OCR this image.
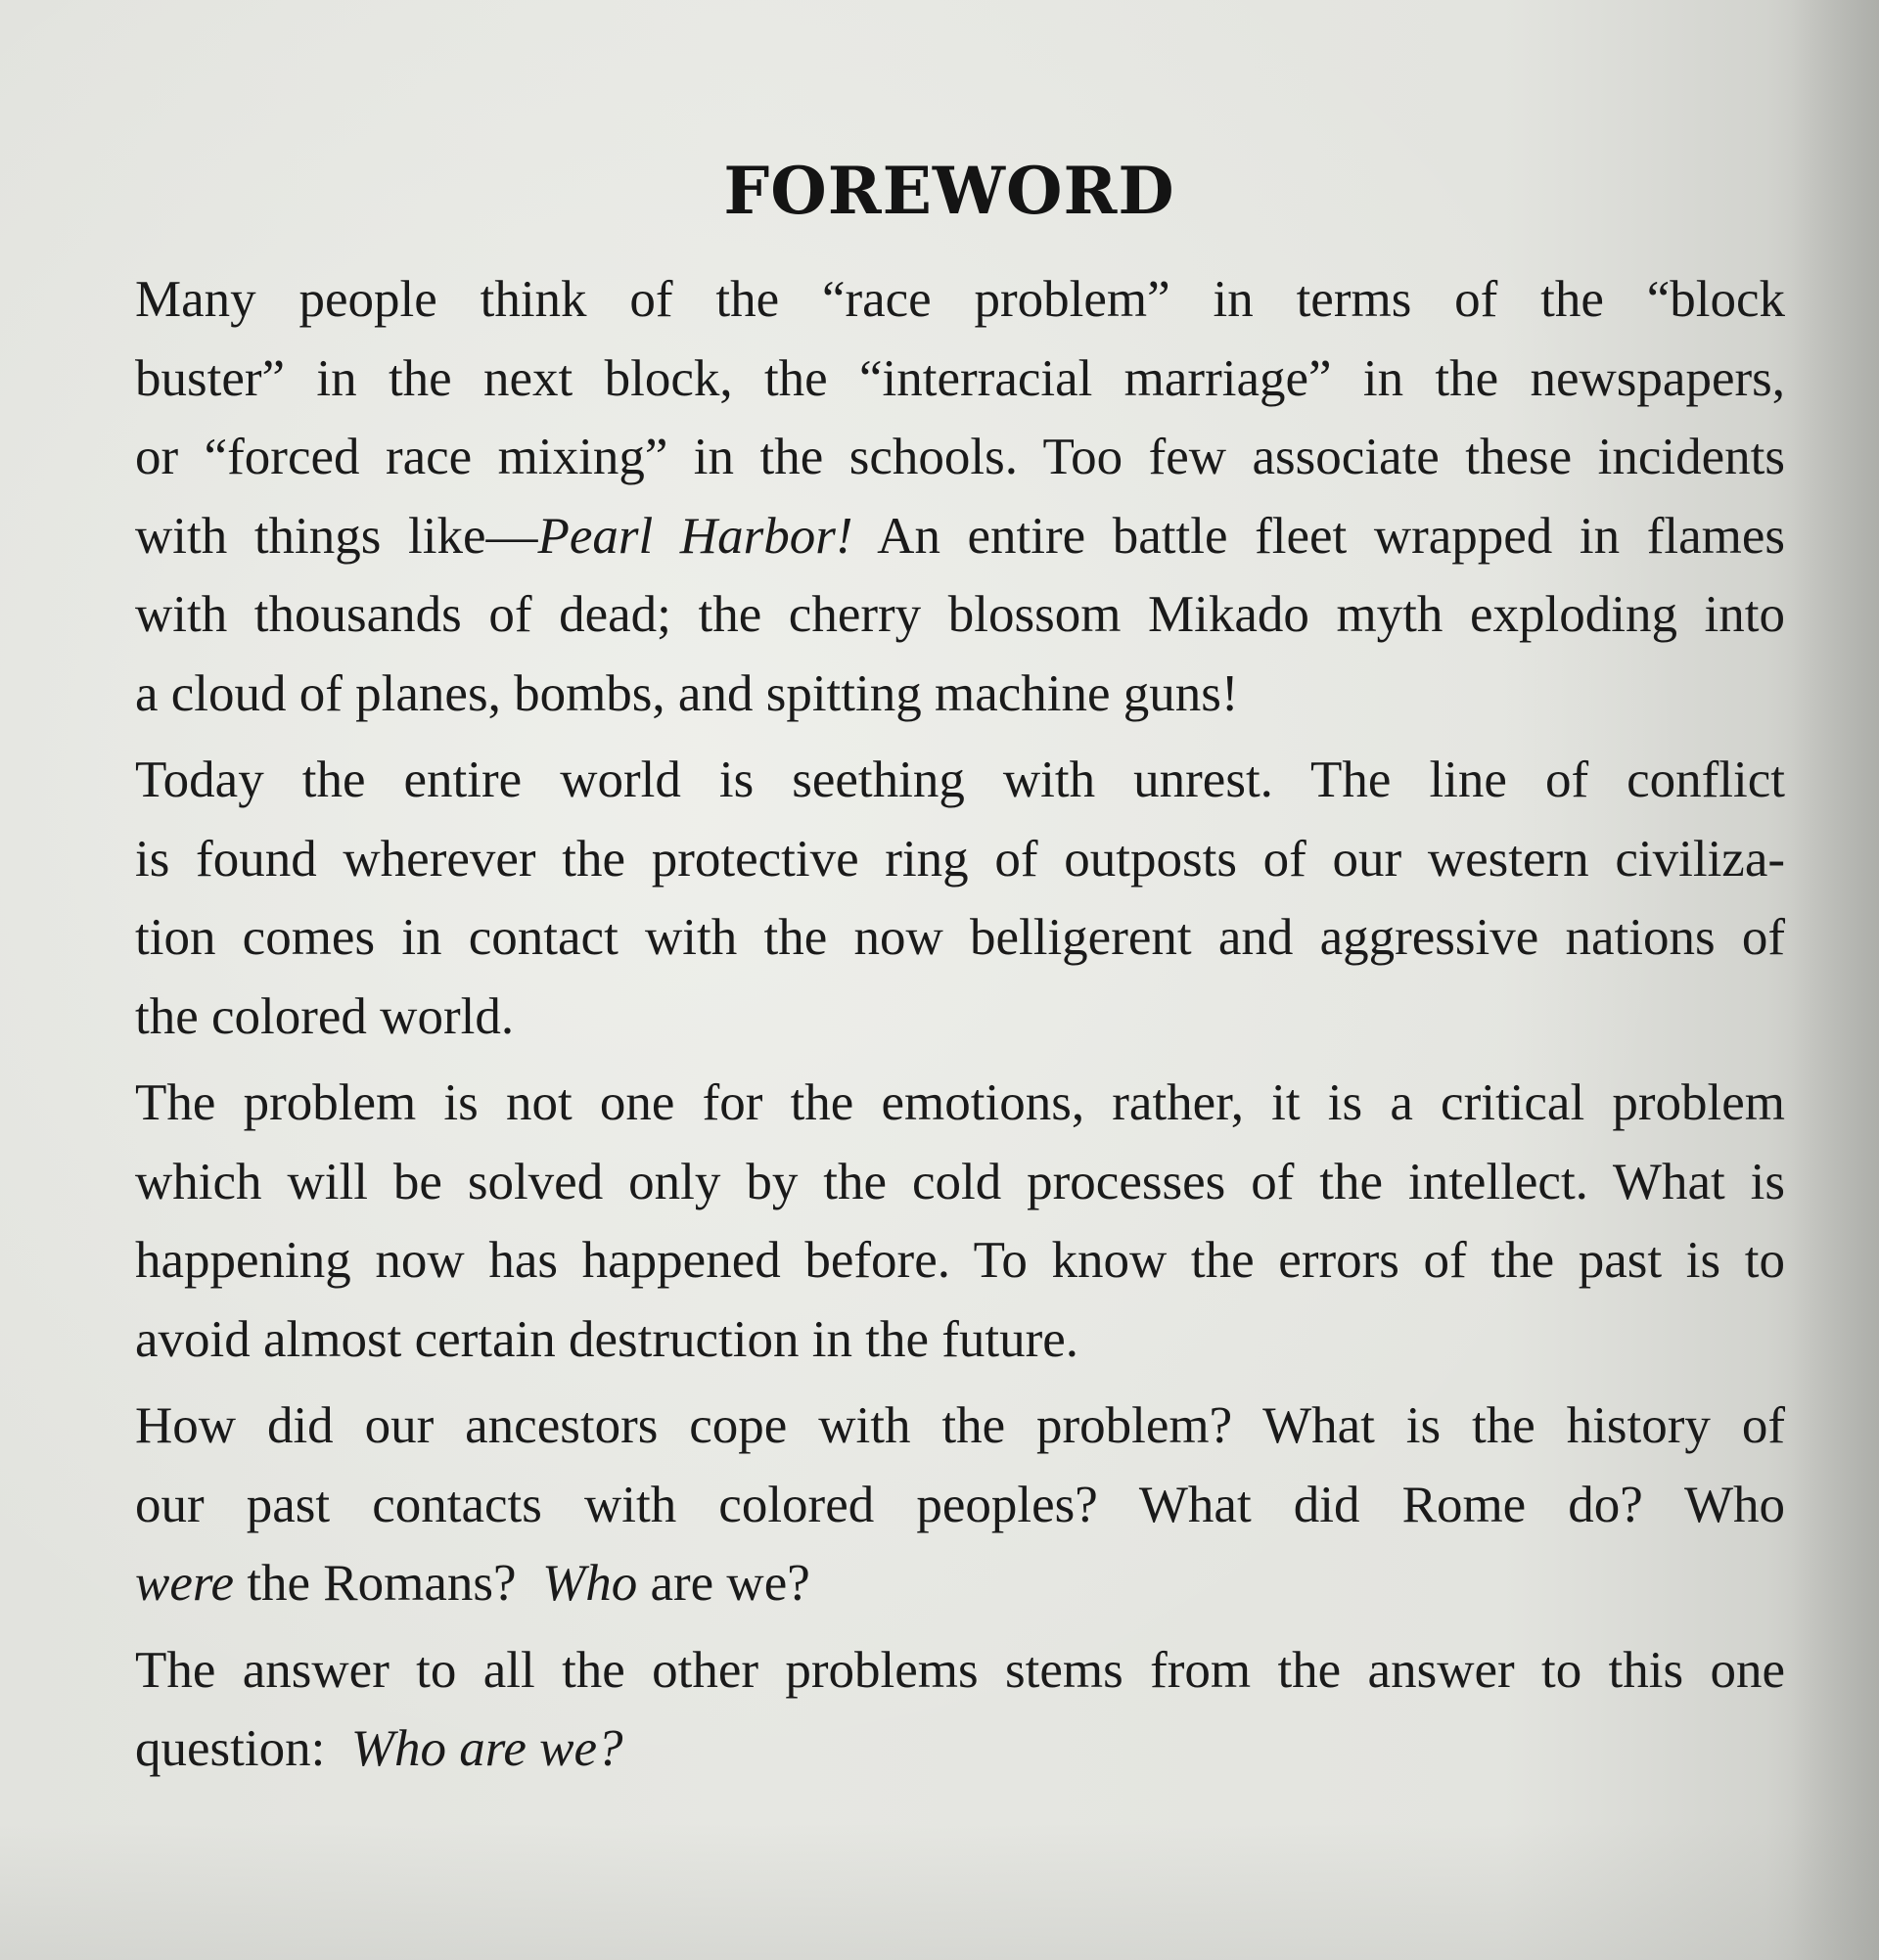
FOREWORD
Many people think of the “race problem” in terms of the “block
buster” in the next block, the “interracial marriage” in the newspapers,
or “forced race mixing” in the schools. Too few associate these incidents
with things like—Pearl Harbor! An entire battle fleet wrapped in flames
with thousands of dead; the cherry blossom Mikado myth exploding into
a cloud of planes, bombs, and spitting machine guns!
Today the entire world is seething with unrest. The line of conflict
is found wherever the protective ring of outposts of our western civiliza-
tion comes in contact with the now belligerent and aggressive nations of
the colored world.
The problem is not one for the emotions, rather, it is a critical problem
which will be solved only by the cold processes of the intellect. What is
happening now has happened before. To know the errors of the past is to
avoid almost certain destruction in the future.
How did our ancestors cope with the problem? What is the history of
our past contacts with colored peoples? What did Rome do? Who
were the Romans?  Who are we?
The answer to all the other problems stems from the answer to this one
question:  Who are we?
